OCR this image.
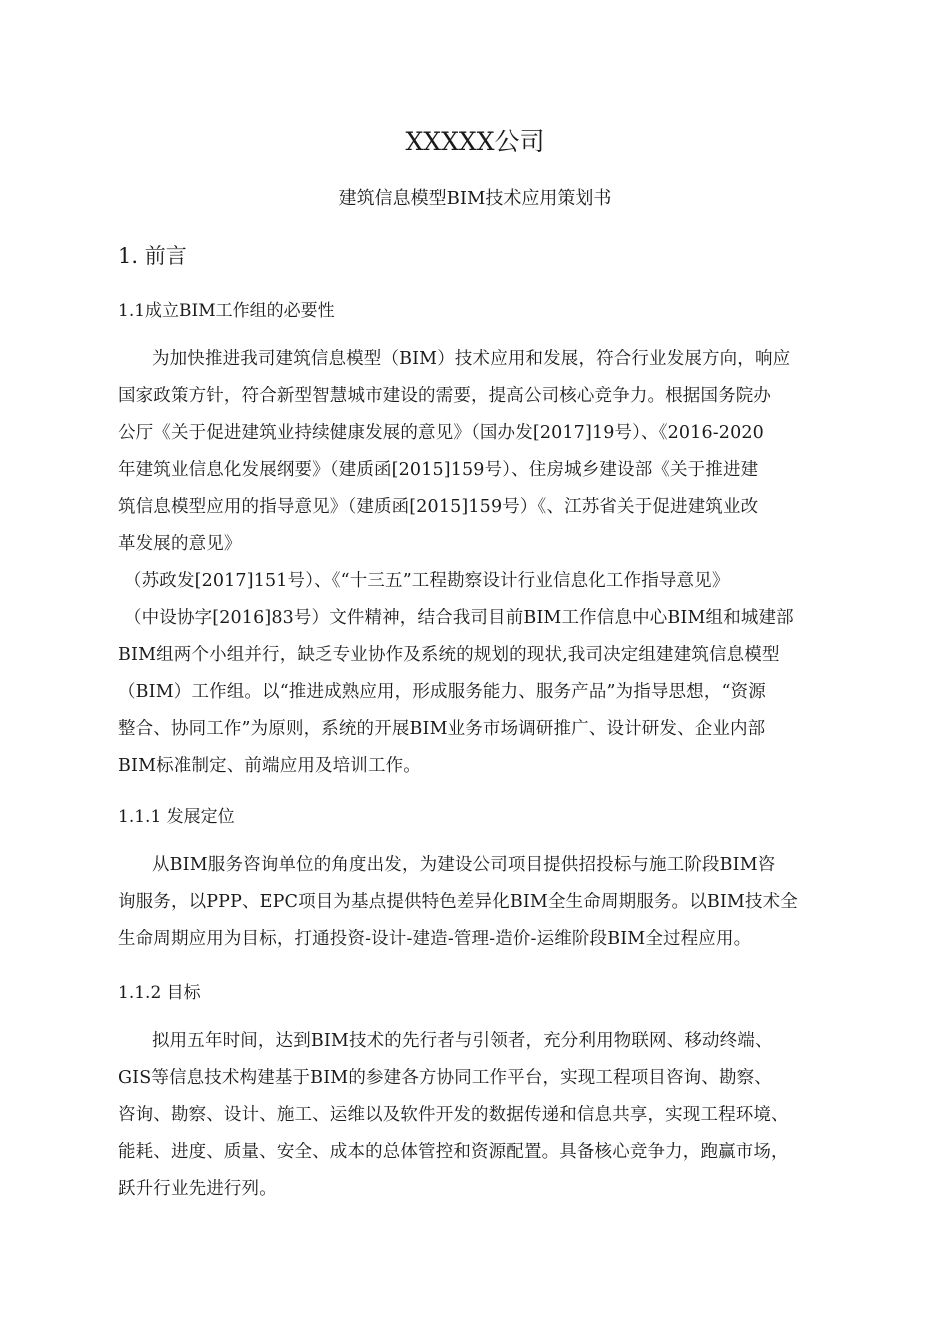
XXXXX公司
建筑信息模型BIM技术应用策划书
1. 前言
1.1成立BIM工作组的必要性
为加快推进我司建筑信息模型（BIM）技术应用和发展，符合行业发展方向，响应
国家政策方针，符合新型智慧城市建设的需要，提高公司核心竞争力。根据国务院办
公厅《关于促进建筑业持续健康发展的意见》（国办发[2017]19号）、《2016-2020
年建筑业信息化发展纲要》（建质函[2015]159号）、住房城乡建设部《关于推进建
筑信息模型应用的指导意见》（建质函[2015]159号）《、江苏省关于促进建筑业改
革发展的意见》
（苏政发[2017]151号）、《“十三五”工程勘察设计行业信息化工作指导意见》
（中设协字[2016]83号）文件精神，结合我司目前BIM工作信息中心BIM组和城建部
BIM组两个小组并行，缺乏专业协作及系统的规划的现状,我司决定组建建筑信息模型
（BIM）工作组。以“推进成熟应用，形成服务能力、服务产品”为指导思想，“资源
整合、协同工作”为原则，系统的开展BIM业务市场调研推广、设计研发、企业内部
BIM标准制定、前端应用及培训工作。
1.1.1 发展定位
从BIM服务咨询单位的角度出发，为建设公司项目提供招投标与施工阶段BIM咨
询服务，以PPP、EPC项目为基点提供特色差异化BIM全生命周期服务。以BIM技术全
生命周期应用为目标，打通投资-设计-建造-管理-造价-运维阶段BIM全过程应用。
1.1.2 目标
拟用五年时间，达到BIM技术的先行者与引领者，充分利用物联网、移动终端、
GIS等信息技术构建基于BIM的参建各方协同工作平台，实现工程项目咨询、勘察、
咨询、勘察、设计、施工、运维以及软件开发的数据传递和信息共享，实现工程环境、
能耗、进度、质量、安全、成本的总体管控和资源配置。具备核心竞争力，跑赢市场，
跃升行业先进行列。
